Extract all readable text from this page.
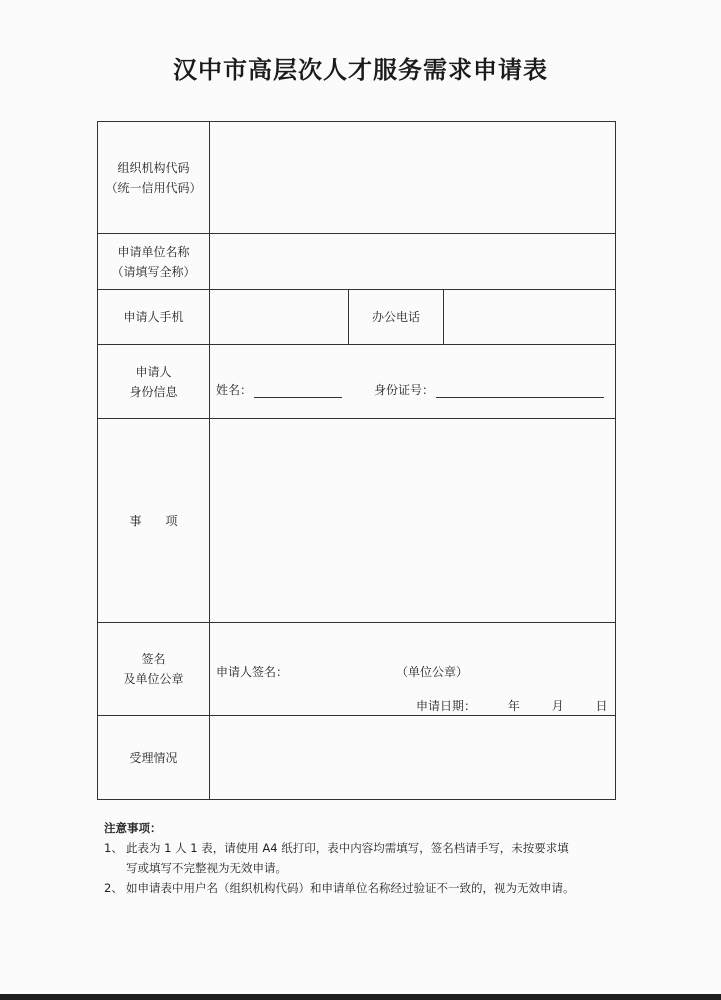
汉中市高层次人才服务需求申请表
组织机构代码
（统一信用代码）			

申请单位名称
（请填写全称）			

申请人手机		办公电话	

申请人
身份信息	姓名： 身份证号：		

事　　项			

签名
及单位公章	申请人签名： （单位公章）
申请日期： 年 月 日		

受理情况			
注意事项：
1、 此表为 1 人 1 表，请使用 A4 纸打印，表中内容均需填写，签名档请手写，未按要求填
写或填写不完整视为无效申请。
2、 如申请表中用户名（组织机构代码）和申请单位名称经过验证不一致的，视为无效申请。
